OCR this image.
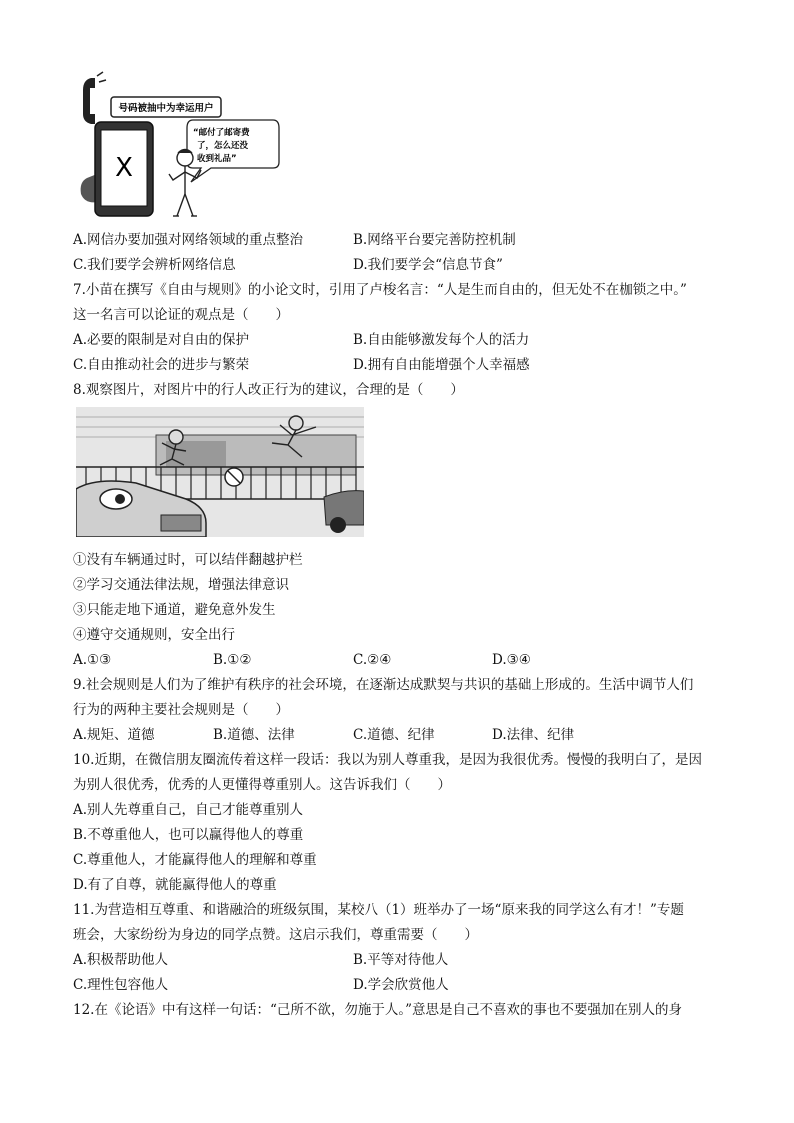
号码被抽中为幸运用户
X
“邮付了邮寄费
了，怎么还没
收到礼品”
A.网信办要加强对网络领域的重点整治	B.网络平台要完善防控机制
C.我们要学会辨析网络信息	D.我们要学会“信息节食”
7.小苗在撰写《自由与规则》的小论文时，引用了卢梭名言：“人是生而自由的，但无处不在枷锁之中。”
这一名言可以论证的观点是（　　）
A.必要的限制是对自由的保护	B.自由能够激发每个人的活力
C.自由推动社会的进步与繁荣	D.拥有自由能增强个人幸福感
8.观察图片，对图片中的行人改正行为的建议，合理的是（　　）
①没有车辆通过时，可以结伴翻越护栏
②学习交通法律法规，增强法律意识
③只能走地下通道，避免意外发生
④遵守交通规则，安全出行
A.①③	B.①②	C.②④	D.③④
9.社会规则是人们为了维护有秩序的社会环境，在逐渐达成默契与共识的基础上形成的。生活中调节人们
行为的两种主要社会规则是（　　）
A.规矩、道德	B.道德、法律	C.道德、纪律	D.法律、纪律
10.近期，在微信朋友圈流传着这样一段话：我以为别人尊重我，是因为我很优秀。慢慢的我明白了，是因
为别人很优秀，优秀的人更懂得尊重别人。这告诉我们（　　）
A.别人先尊重自己，自己才能尊重别人
B.不尊重他人，也可以赢得他人的尊重
C.尊重他人，才能赢得他人的理解和尊重
D.有了自尊，就能赢得他人的尊重
11.为营造相互尊重、和谐融洽的班级氛围，某校八（1）班举办了一场“原来我的同学这么有才！”专题
班会，大家纷纷为身边的同学点赞。这启示我们，尊重需要（　　）
A.积极帮助他人	B.平等对待他人
C.理性包容他人	D.学会欣赏他人
12.在《论语》中有这样一句话：“己所不欲，勿施于人。”意思是自己不喜欢的事也不要强加在别人的身
